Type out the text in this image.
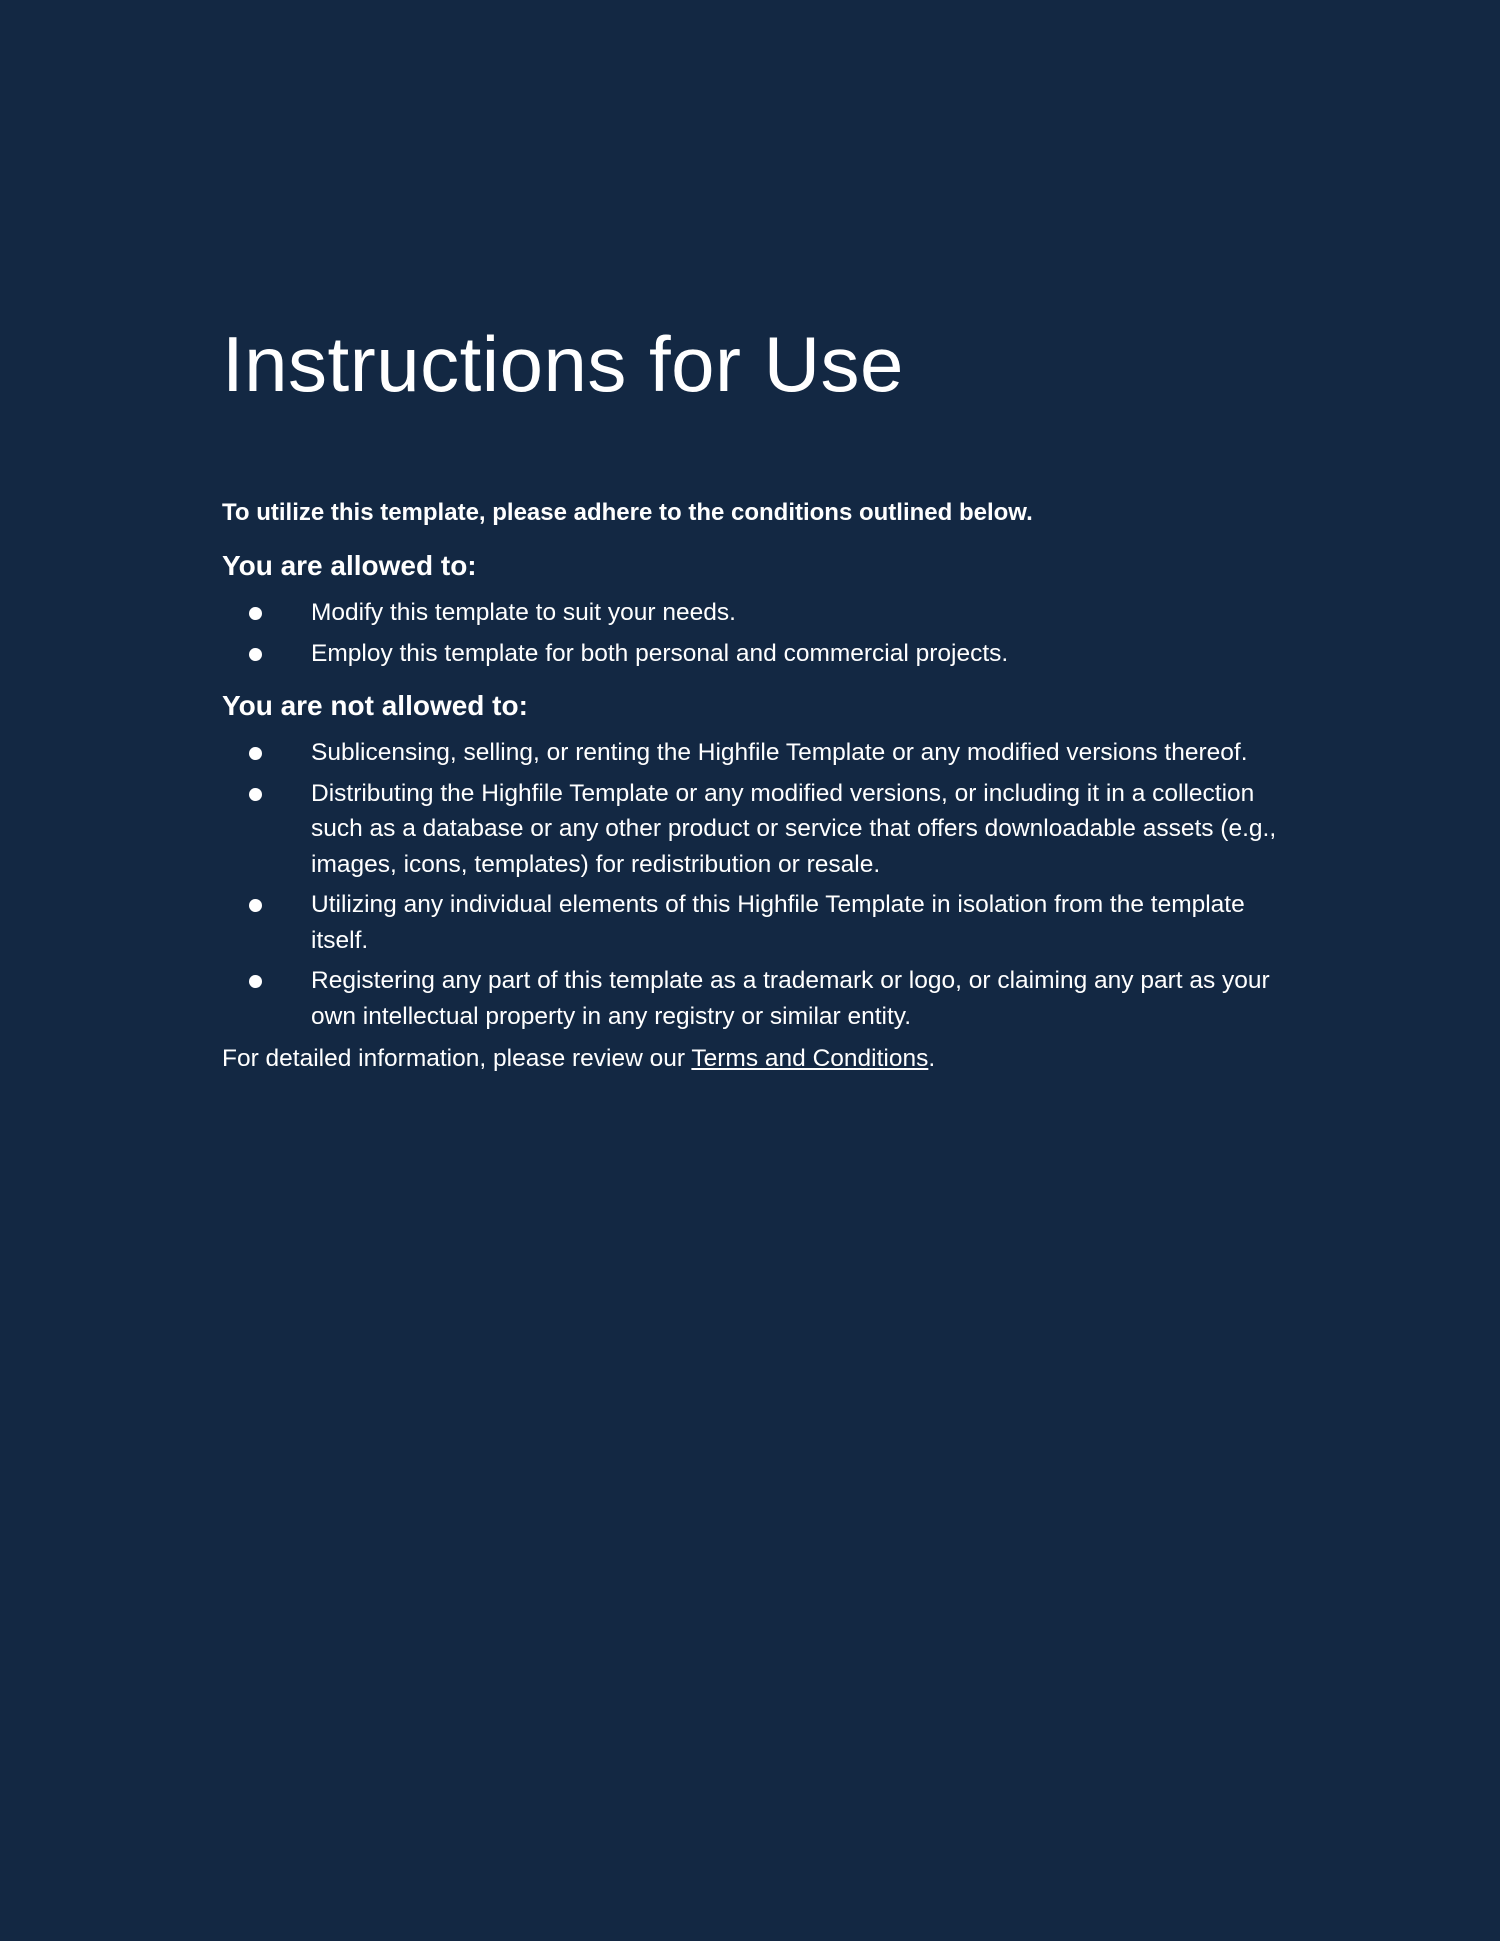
Instructions for Use

To utilize this template, please adhere to the conditions outlined below.

You are allowed to:
Modify this template to suit your needs.
Employ this template for both personal and commercial projects.
You are not allowed to:
Sublicensing, selling, or renting the Highfile Template or any modified versions thereof.
Distributing the Highfile Template or any modified versions, or including it in a collection such as a database or any other product or service that offers downloadable assets (e.g., images, icons, templates) for redistribution or resale.
Utilizing any individual elements of this Highfile Template in isolation from the template itself.
Registering any part of this template as a trademark or logo, or claiming any part as your own intellectual property in any registry or similar entity.

For detailed information, please review our Terms and Conditions.
